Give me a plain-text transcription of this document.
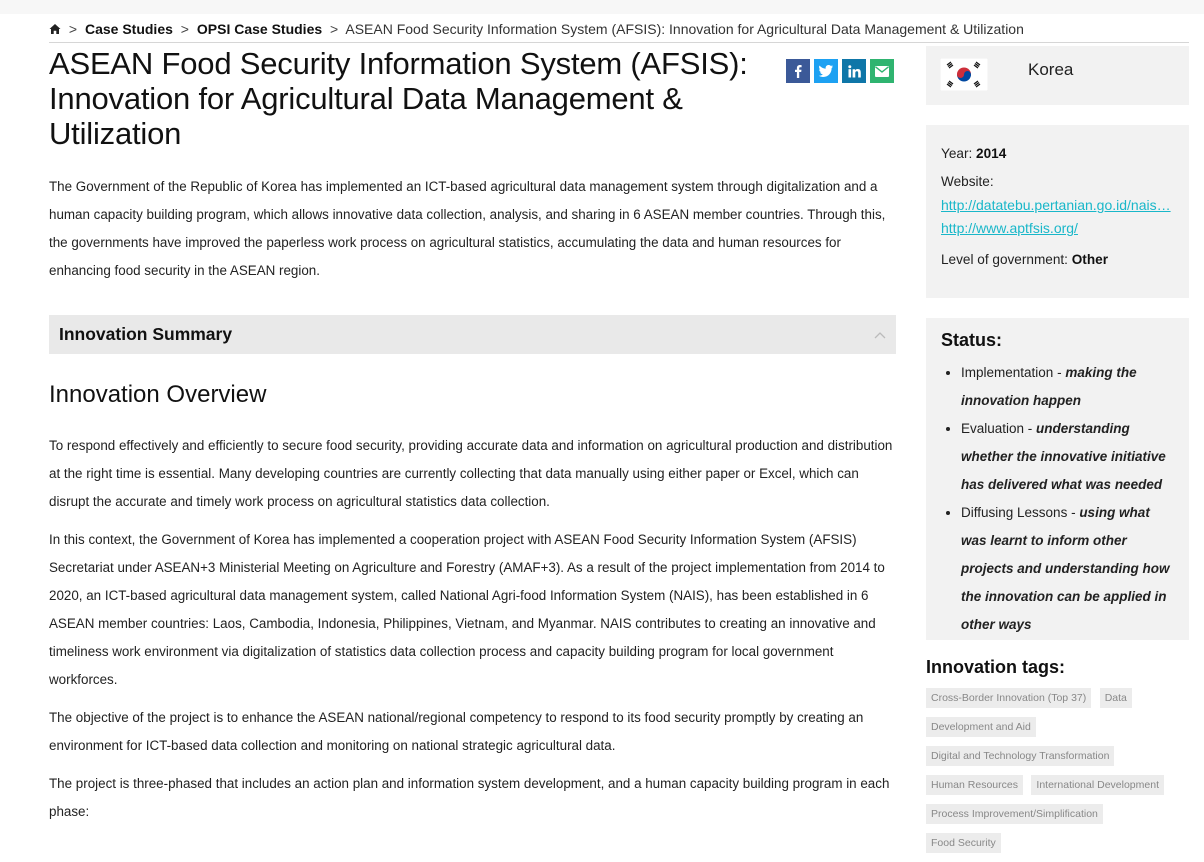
> Case Studies > OPSI Case Studies > ASEAN Food Security Information System (AFSIS): Innovation for Agricultural Data Management & Utilization
ASEAN Food Security Information System (AFSIS): Innovation for Agricultural Data Management & Utilization

The Government of the Republic of Korea has implemented an ICT-based agricultural data management system through digitalization and a human capacity building program, which allows innovative data collection, analysis, and sharing in 6 ASEAN member countries. Through this, the governments have improved the paperless work process on agricultural statistics, accumulating the data and human resources for enhancing food security in the ASEAN region.

Innovation Summary
Innovation Overview

To respond effectively and efficiently to secure food security, providing accurate data and information on agricultural production and distribution at the right time is essential. Many developing countries are currently collecting that data manually using either paper or Excel, which can disrupt the accurate and timely work process on agricultural statistics data collection.

In this context, the Government of Korea has implemented a cooperation project with ASEAN Food Security Information System (AFSIS) Secretariat under ASEAN+3 Ministerial Meeting on Agriculture and Forestry (AMAF+3). As a result of the project implementation from 2014 to 2020, an ICT-based agricultural data management system, called National Agri-food Information System (NAIS), has been established in 6 ASEAN member countries: Laos, Cambodia, Indonesia, Philippines, Vietnam, and Myanmar. NAIS contributes to creating an innovative and timeliness work environment via digitalization of statistics data collection process and capacity building program for local government workforces.

The objective of the project is to enhance the ASEAN national/regional competency to respond to its food security promptly by creating an environment for ICT-based data collection and monitoring on national strategic agricultural data.

The project is three-phased that includes an action plan and information system development, and a human capacity building program in each phase:

Korea
Year: 2014
Website:
http://datatebu.pertanian.go.id/nais…
http://www.aptfsis.org/
Level of government: Other
Status:
• Implementation - making the innovation happen
• Evaluation - understanding whether the innovative initiative has delivered what was needed
• Diffusing Lessons - using what was learnt to inform other projects and understanding how the innovation can be applied in other ways
Innovation tags:
Cross-Border Innovation (Top 37) Data Development and Aid Digital and Technology Transformation Human Resources International Development Process Improvement/Simplification Food Security
